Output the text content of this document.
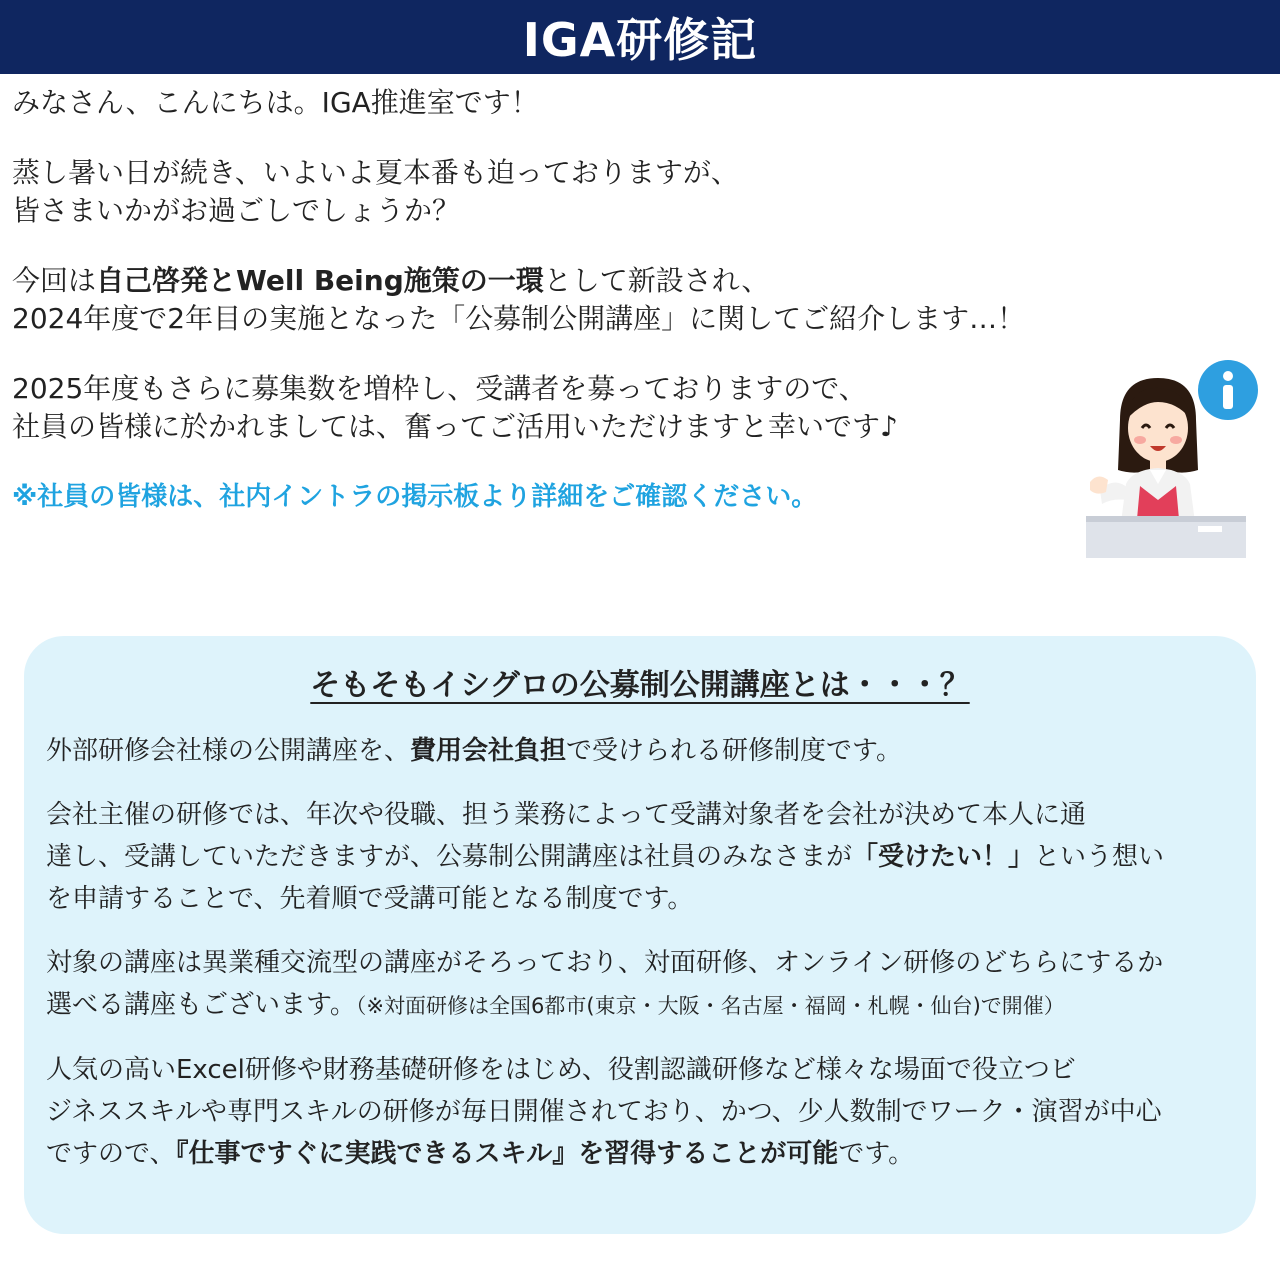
IGA研修記

みなさん、こんにちは。IGA推進室です！

蒸し暑い日が続き、いよいよ夏本番も迫っておりますが、
皆さまいかがお過ごしでしょうか？

今回は自己啓発とWell Being施策の一環として新設され、
2024年度で2年目の実施となった「公募制公開講座」に関してご紹介します…！

2025年度もさらに募集数を増枠し、受講者を募っておりますので、
社員の皆様に於かれましては、奮ってご活用いただけますと幸いです♪

※社員の皆様は、社内イントラの掲示板より詳細をご確認ください。

そもそもイシグロの公募制公開講座とは・・・？

外部研修会社様の公開講座を、費用会社負担で受けられる研修制度です。

会社主催の研修では、年次や役職、担う業務によって受講対象者を会社が決めて本人に通
達し、受講していただきますが、公募制公開講座は社員のみなさまが「受けたい！」という想い
を申請することで、先着順で受講可能となる制度です。

対象の講座は異業種交流型の講座がそろっており、対面研修、オンライン研修のどちらにするか
選べる講座もございます。（※対面研修は全国6都市(東京・大阪・名古屋・福岡・札幌・仙台)で開催）

人気の高いExcel研修や財務基礎研修をはじめ、役割認識研修など様々な場面で役立つビ
ジネススキルや専門スキルの研修が毎日開催されており、かつ、少人数制でワーク・演習が中心
ですので、『仕事ですぐに実践できるスキル』を習得することが可能です。
